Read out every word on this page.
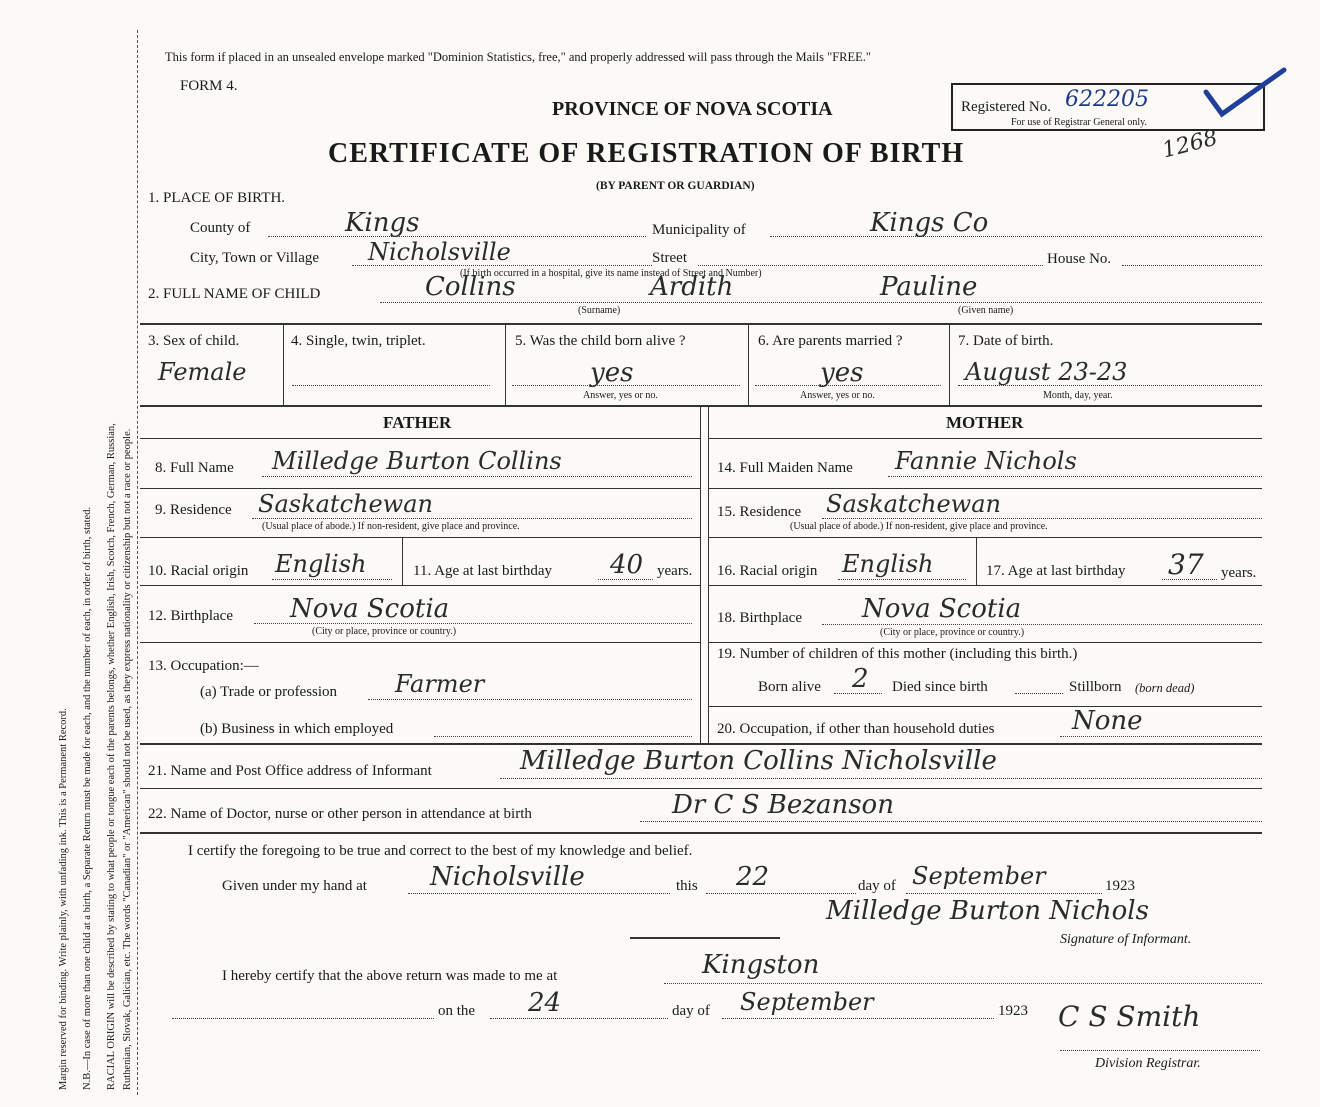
Margin reserved for binding. Write plainly, with unfading ink. This is a Permanent Record. N.B.—In case of more than one child at a birth, a Separate Return must be made for each, and the number of each, in order of birth, stated. RACIAL ORIGIN will be described by stating to what people or tongue each of the parents belongs, whether English, Irish, Scotch, French, German, Russian, Ruthenian, Slovak, Galician, etc. The words "Canadian" or "American" should not be used, as they express nationality or citizenship but not a race or people.
This form if placed in an unsealed envelope marked "Dominion Statistics, free," and properly addressed will pass through the Mails "FREE."
FORM 4.
PROVINCE OF NOVA SCOTIA
CERTIFICATE OF REGISTRATION OF BIRTH
(BY PARENT OR GUARDIAN)
Registered No. 622205
For use of Registrar General only.
1268
1. PLACE OF BIRTH.
County of	Kings	Municipality of	Kings Co
City, Town or Village Nicholsville	Street	House No.
(If birth occurred in a hospital, give its name instead of Street and Number)
2. FULL NAME OF CHILD	Collins	Ardith	Pauline
(Surname)	(Given name)
3. Sex of child.
Female
4. Single, twin, triplet.	5. Was the child born alive ?
yes
Answer, yes or no.
6. Are parents married ?
yes
Answer, yes or no.
7. Date of birth.
August 23-23
Month, day, year.
FATHER	MOTHER
8. Full Name Milledge Burton Collins
9. Residence Saskatchewan
(Usual place of abode.) If non-resident, give place and province.
10. Racial origin English	11. Age at last birthday 40 years.
12. Birthplace Nova Scotia
(City or place, province or country.)
13. Occupation:—
(a) Trade or profession Farmer
(b) Business in which employed
14. Full Maiden Name Fannie Nichols
15. Residence Saskatchewan
(Usual place of abode.) If non-resident, give place and province.
16. Racial origin English	17. Age at last birthday 37 years.
18. Birthplace Nova Scotia
(City or place, province or country.)
19. Number of children of this mother (including this birth.)
Born alive 2 Died since birth	Stillborn (born dead)
20. Occupation, if other than household duties	None
21. Name and Post Office address of Informant	Milledge Burton Collins Nicholsville
22. Name of Doctor, nurse or other person in attendance at birth	Dr C S Bezanson
I certify the foregoing to be true and correct to the best of my knowledge and belief.
Given under my hand at Nicholsville	this 22	day of September	1923
Milledge Burton Nichols
Signature of Informant.
I hereby certify that the above return was made to me at	Kingston
on the 24	day of September	1923 C S Smith
Division Registrar.
